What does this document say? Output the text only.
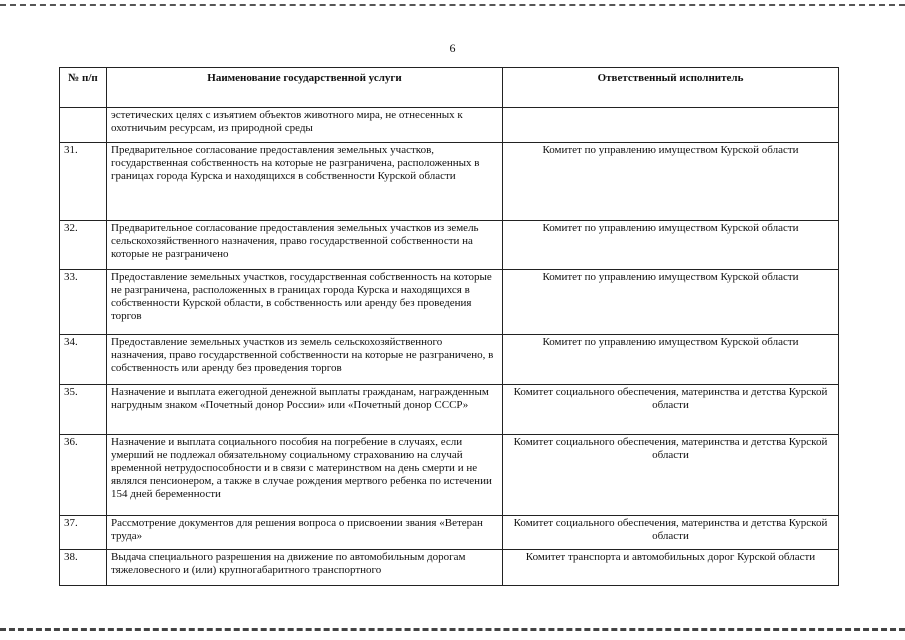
6
№ п/п	Наименование государственной услуги	Ответственный исполнитель
	эстетических целях с изъятием объектов животного мира, не отнесенных к охотничьим ресурсам, из природной среды	
31.	Предварительное согласование предоставления земельных участков, государственная собственность на которые не разграничена, расположенных в границах города Курска и находящихся в собственности Курской области	Комитет по управлению имуществом Курской области
32.	Предварительное согласование предоставления земельных участков из земель сельскохозяйственного назначения, право государственной собственности на которые не разграничено	Комитет по управлению имуществом Курской области
33.	Предоставление земельных участков, государственная собственность на которые не разграничена, расположенных в границах города Курска и находящихся в собственности Курской области, в собственность или аренду без проведения торгов	Комитет по управлению имуществом Курской области
34.	Предоставление земельных участков из земель сельскохозяйственного назначения, право государственной собственности на которые не разграничено, в собственность или аренду без проведения торгов	Комитет по управлению имуществом Курской области
35.	Назначение и выплата ежегодной денежной выплаты гражданам, награжденным нагрудным знаком «Почетный донор России» или «Почетный донор СССР»	Комитет социального обеспечения, материнства и детства Курской области
36.	Назначение и выплата социального пособия на погребение в случаях, если умерший не подлежал обязательному социальному страхованию на случай временной нетрудоспособности и в связи с материнством на день смерти и не являлся пенсионером, а также в случае рождения мертвого ребенка по истечении 154 дней беременности	Комитет социального обеспечения, материнства и детства Курской области
37.	Рассмотрение документов для решения вопроса о присвоении звания «Ветеран труда»	Комитет социального обеспечения, материнства и детства Курской области
38.	Выдача специального разрешения на движение по автомобильным дорогам тяжеловесного и (или) крупногабаритного транспортного	Комитет транспорта и автомобильных дорог Курской области
